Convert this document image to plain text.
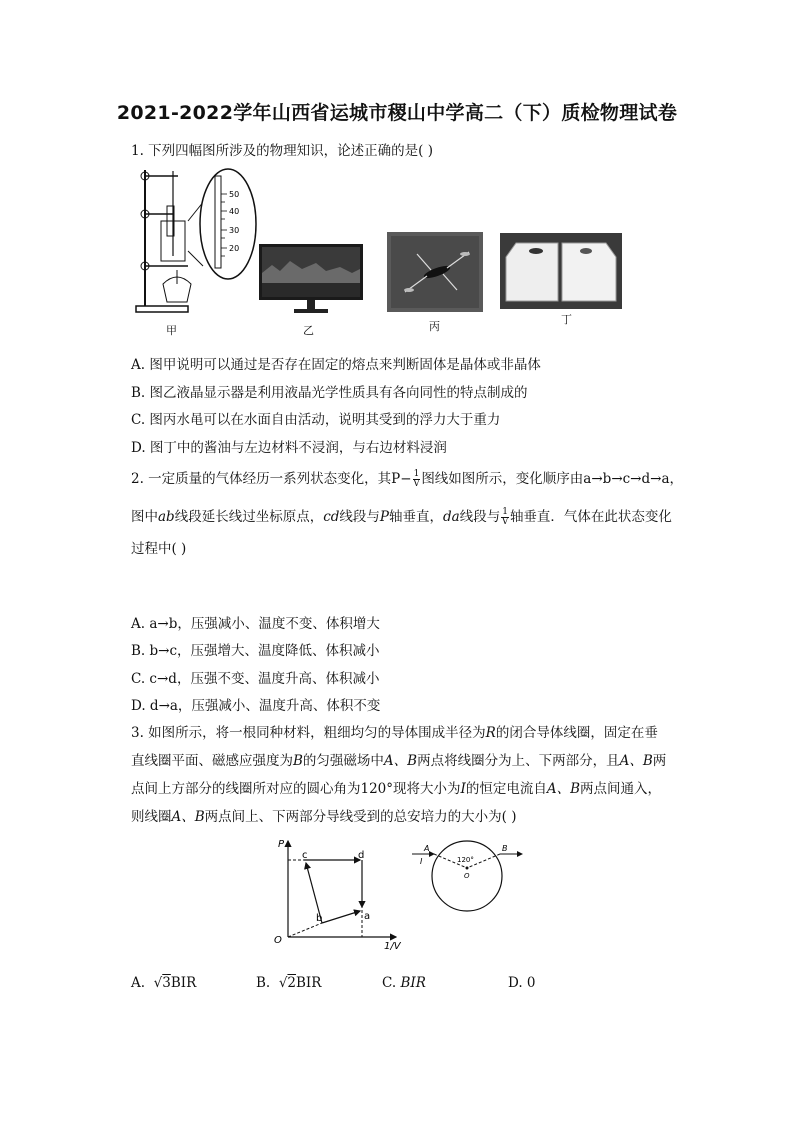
2021-2022学年山西省运城市稷山中学高二（下）质检物理试卷
1. 下列四幅图所涉及的物理知识，论述正确的是( )
50
40
30
20
甲	乙	丙
丁
A. 图甲说明可以通过是否存在固定的熔点来判断固体是晶体或非晶体
B. 图乙液晶显示器是利用液晶光学性质具有各向同性的特点制成的
C. 图丙水黾可以在水面自由活动，说明其受到的浮力大于重力
D. 图丁中的酱油与左边材料不浸润，与右边材料浸润
2. 一定质量的气体经历一系列状态变化，其$P- \frac{1}{V}$ 图线如图所示，变化顺序由a→b→c→d→a，
图中ab线段延长线过坐标原点，cd线段与P轴垂直，da线段与 $\frac{1}{V}$ 轴垂直．气体在此状态变化
过程中( )
A. a→b，压强减小、温度不变、体积增大
B. b→c，压强增大、温度降低、体积减小
C. c→d，压强不变、温度升高、体积减小
D. d→a，压强减小、温度升高、体积不变
3. 如图所示，将一根同种材料，粗细均匀的导体围成半径为R的闭合导体线圈，固定在垂
直线圈平面、磁感应强度为B的匀强磁场中A、B两点将线圈分为上、下两部分，且A、B两
点间上方部分的线圈所对应的圆心角为120°现将大小为I的恒定电流自A、B两点间通入，
则线圈A、B两点间上、下两部分导线受到的总安培力的大小为( )
P
1/V
O
a
b
c	d
A	B
I	120°
O
A. √3BIR	B. √2BIR	C. BIR	D. 0
